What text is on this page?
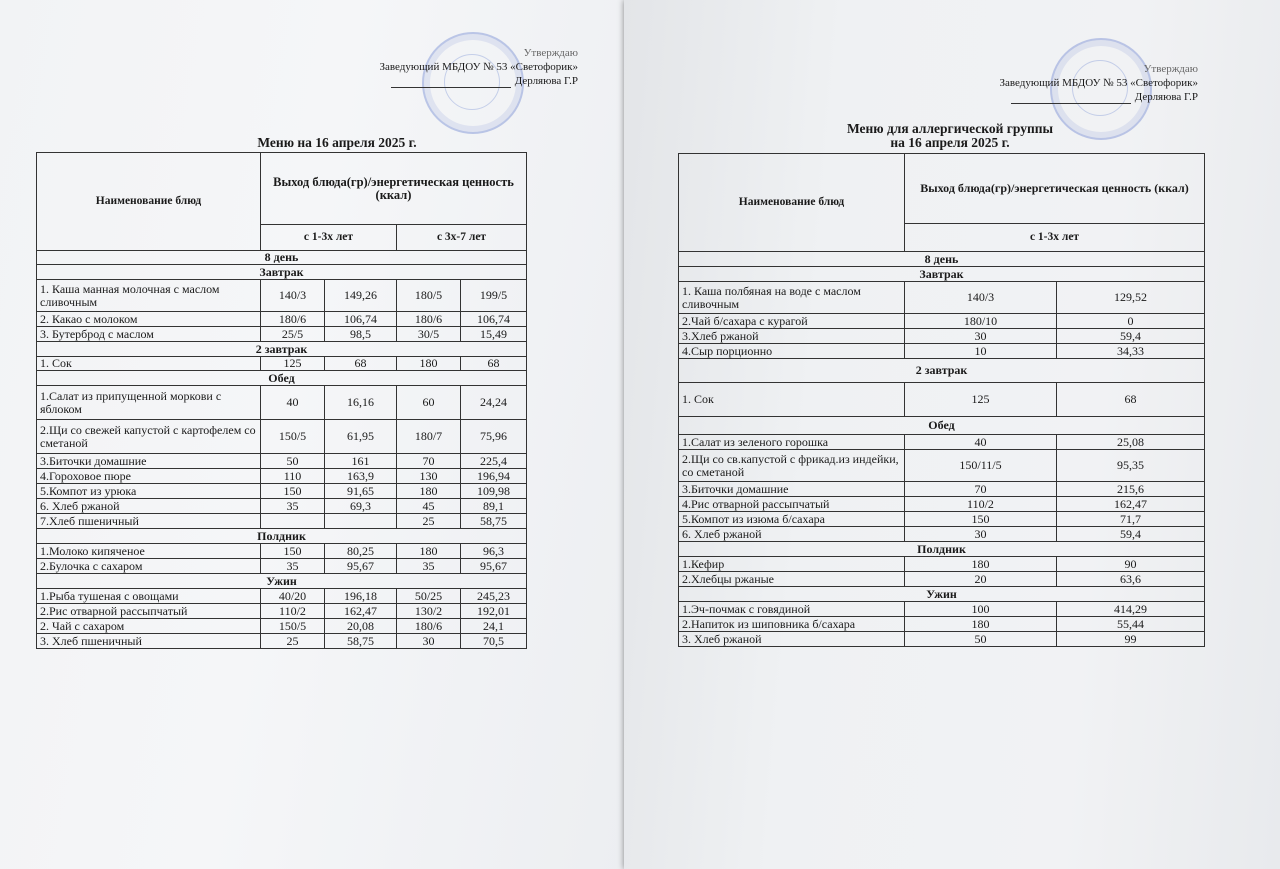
Утверждаю
Заведующий МБДОУ № 53 «Светофорик»
Дерляюва Г.Р
Меню на 16 апреля 2025 г.
Наименование блюд	Выход блюда(гр)/энергетическая ценность (ккал)			
	с 1-3х лет		с 3х-7 лет	
8 день				
Завтрак				
1. Каша манная молочная с маслом сливочным	140/3	149,26	180/5	199/5
2. Какао с молоком	180/6	106,74	180/6	106,74
3. Бутерброд с маслом	25/5	98,5	30/5	15,49
2 завтрак				
1. Сок	125	68	180	68
Обед				
1.Салат из припущенной моркови с яблоком	40	16,16	60	24,24
2.Щи со свежей капустой с картофелем со сметаной	150/5	61,95	180/7	75,96
3.Биточки домашние	50	161	70	225,4
4.Гороховое пюре	110	163,9	130	196,94
5.Компот из урюка	150	91,65	180	109,98
6. Хлеб ржаной	35	69,3	45	89,1
7.Хлеб пшеничный			25	58,75
Полдник				
1.Молоко кипяченое	150	80,25	180	96,3
2.Булочка с сахаром	35	95,67	35	95,67
Ужин				
1.Рыба тушеная с овощами	40/20	196,18	50/25	245,23
2.Рис отварной рассыпчатый	110/2	162,47	130/2	192,01
2. Чай с сахаром	150/5	20,08	180/6	24,1
3. Хлеб пшеничный	25	58,75	30	70,5
Утверждаю
Заведующий МБДОУ № 53 «Светофорик»
Дерляюва Г.Р
Меню для аллергической группы
на 16 апреля 2025 г.
Наименование блюд	Выход блюда(гр)/энергетическая ценность (ккал)	
	с 1-3х лет	
8 день		
Завтрак		
1. Каша полбяная на воде с маслом сливочным	140/3	129,52
2.Чай б/сахара с курагой	180/10	0
3.Хлеб ржаной	30	59,4
4.Сыр порционно	10	34,33
2 завтрак		
1. Сок	125	68
Обед		
1.Салат из зеленого горошка	40	25,08
2.Щи со св.капустой с фрикад.из индейки, со сметаной	150/11/5	95,35
3.Биточки домашние	70	215,6
4.Рис отварной рассыпчатый	110/2	162,47
5.Компот из изюма б/сахара	150	71,7
6. Хлеб ржаной	30	59,4
Полдник		
1.Кефир	180	90
2.Хлебцы ржаные	20	63,6
Ужин		
1.Эч-почмак с говядиной	100	414,29
2.Напиток из шиповника б/сахара	180	55,44
3. Хлеб ржаной	50	99
